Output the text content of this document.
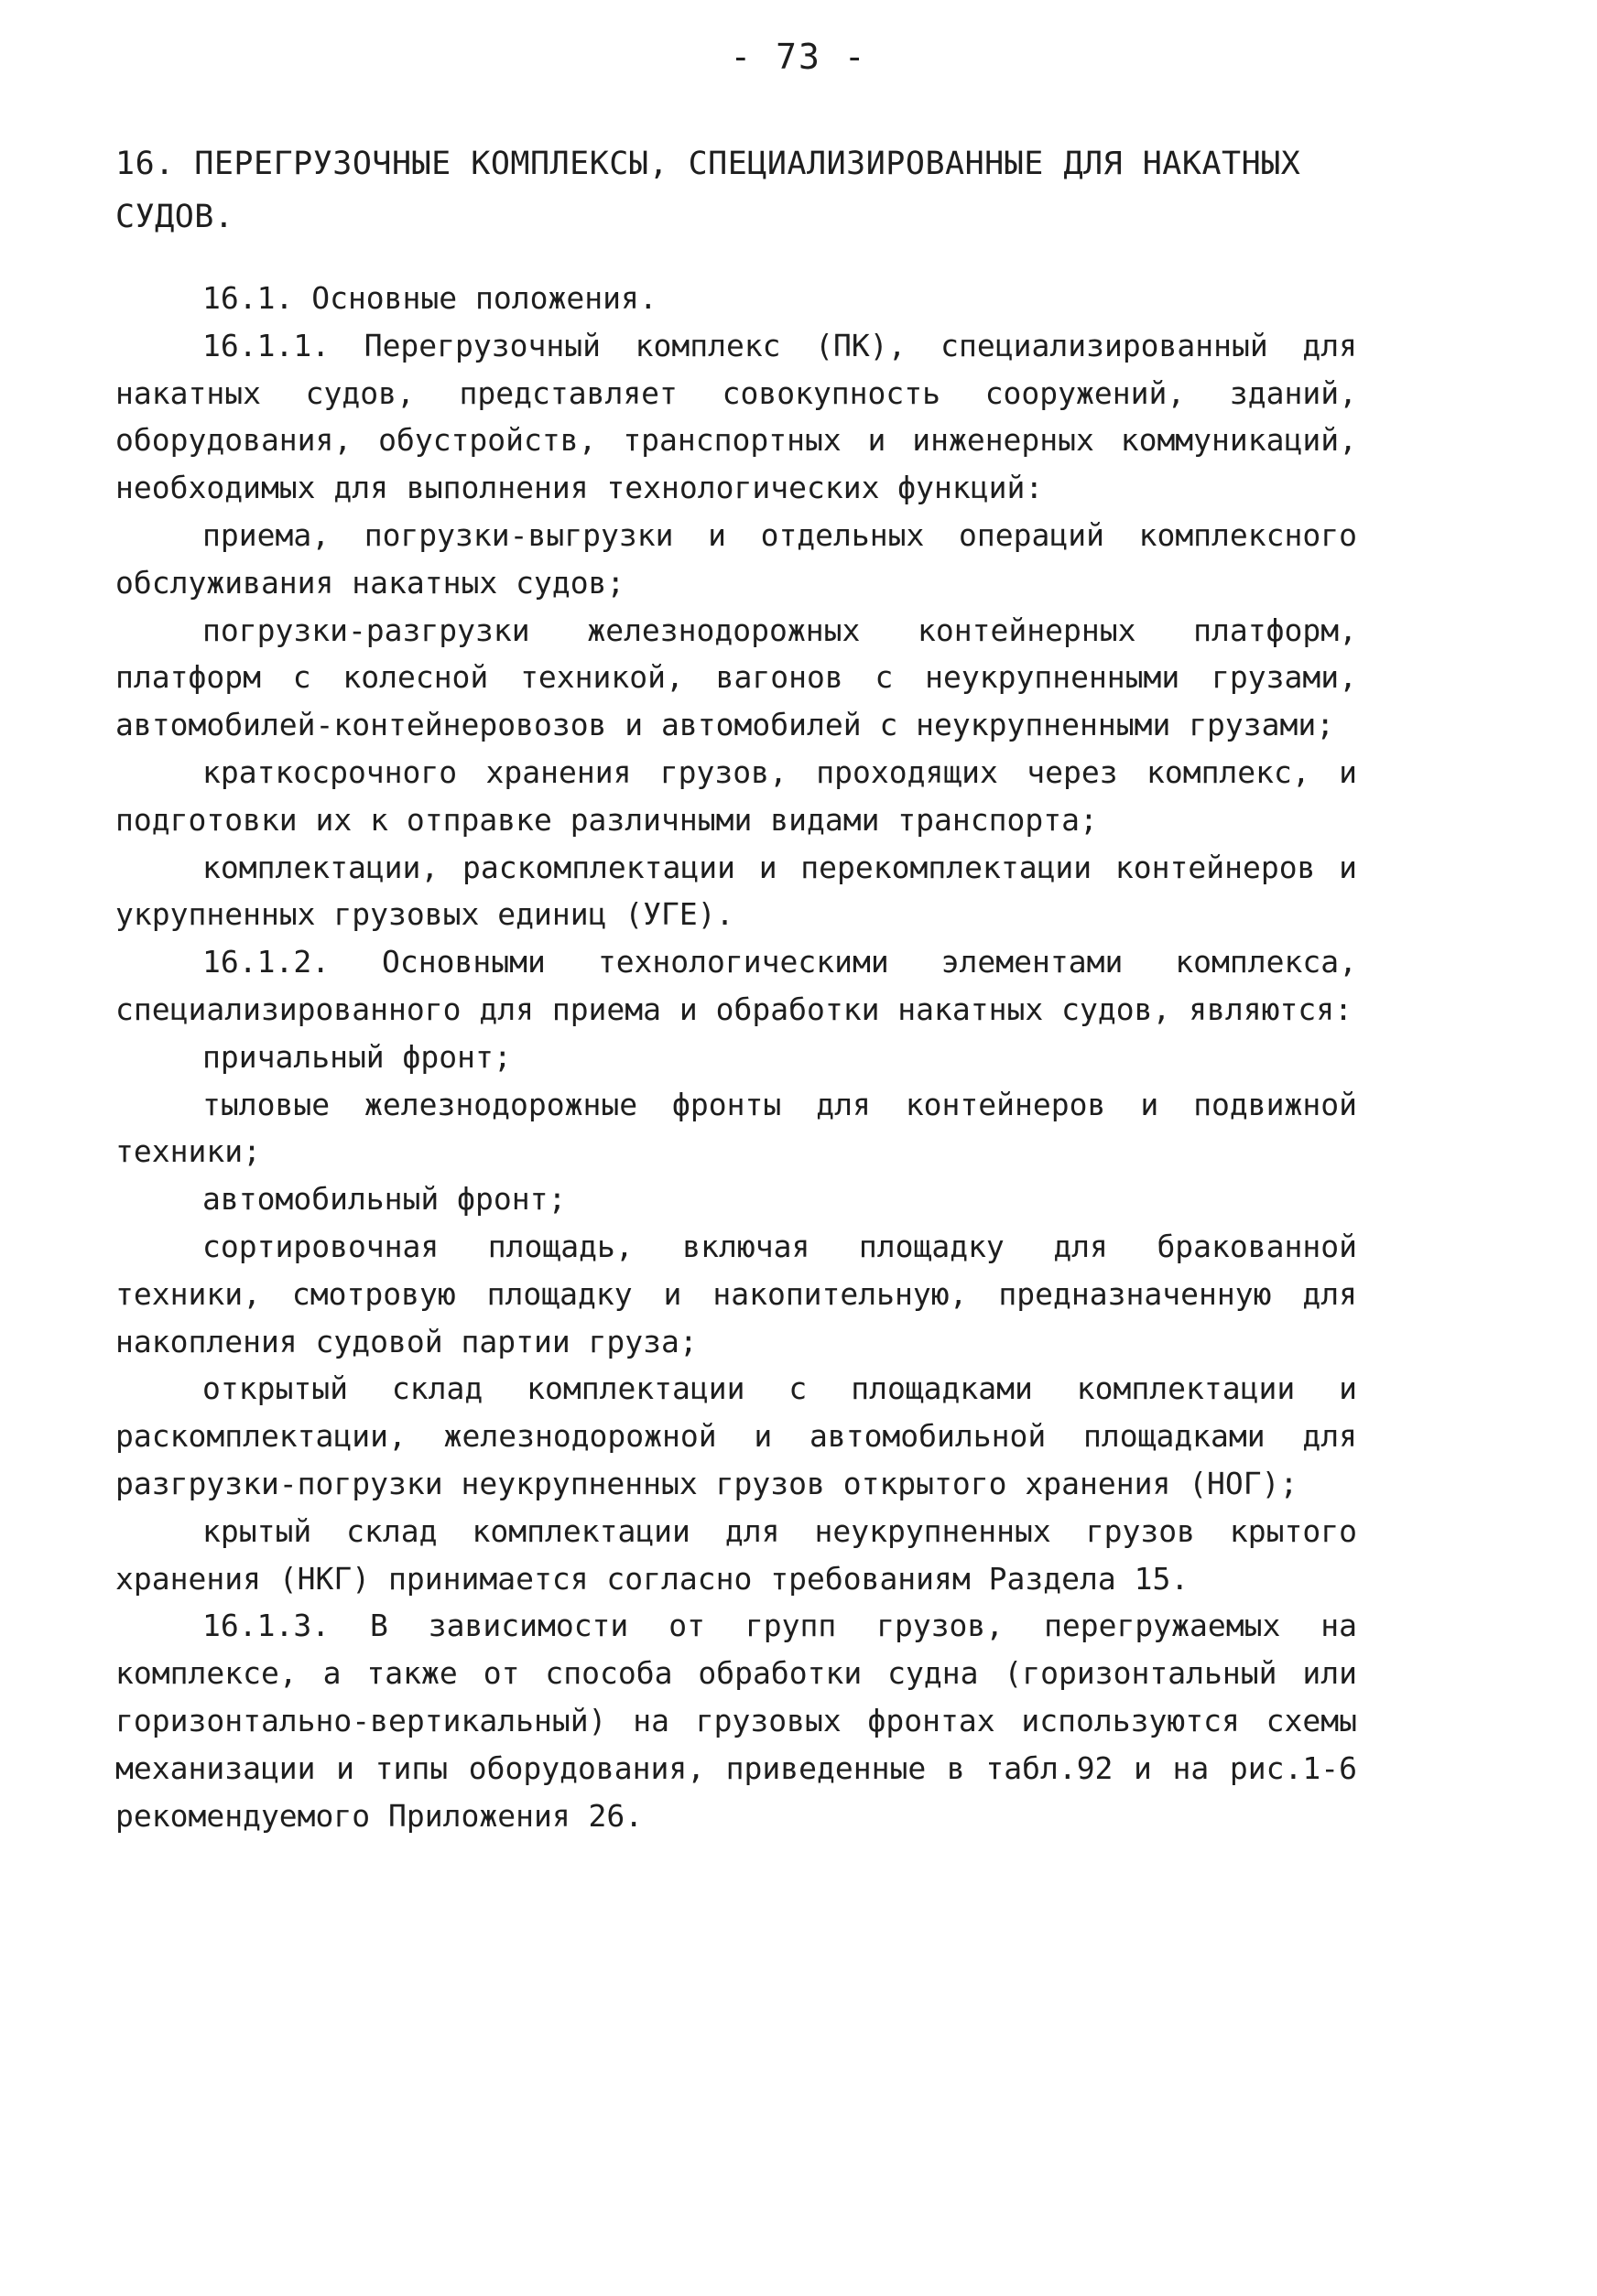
- 73 -
16. ПЕРЕГРУЗОЧНЫЕ КОМПЛЕКСЫ, СПЕЦИАЛИЗИРОВАННЫЕ ДЛЯ НАКАТНЫХ
СУДОВ.

16.1. Основные положения.

16.1.1. Перегрузочный комплекс (ПК), специализированный для накатных судов, представляет совокупность сооружений, зданий, оборудования, обустройств, транспортных и инженерных коммуникаций, необходимых для выполнения технологических функций:

приема, погрузки-выгрузки и отдельных операций комплексного обслуживания накатных судов;

погрузки-разгрузки железнодорожных контейнерных платформ, платформ с колесной техникой, вагонов с неукрупненными грузами, автомобилей-контейнеровозов и автомобилей с неукрупненными грузами;

краткосрочного хранения грузов, проходящих через комплекс, и подготовки их к отправке различными видами транспорта;

комплектации, раскомплектации и перекомплектации контейнеров и укрупненных грузовых единиц (УГЕ).

16.1.2. Основными технологическими элементами комплекса, специализированного для приема и обработки накатных судов, являются:

причальный фронт;

тыловые железнодорожные фронты для контейнеров и подвижной техники;

автомобильный фронт;

сортировочная площадь, включая площадку для бракованной техники, смотровую площадку и накопительную, предназначенную для накопления судовой партии груза;

открытый склад комплектации с площадками комплектации и раскомплектации, железнодорожной и автомобильной площадками для разгрузки-погрузки неукрупненных грузов открытого хранения (НОГ);

крытый склад комплектации для неукрупненных грузов крытого хранения (НКГ) принимается согласно требованиям Раздела 15.

16.1.3. В зависимости от групп грузов, перегружаемых на комплексе, а также от способа обработки судна (горизонтальный или горизонтально-вертикальный) на грузовых фронтах используются схемы механизации и типы оборудования, приведенные в табл.92 и на рис.1-6 рекомендуемого Приложения 26.
